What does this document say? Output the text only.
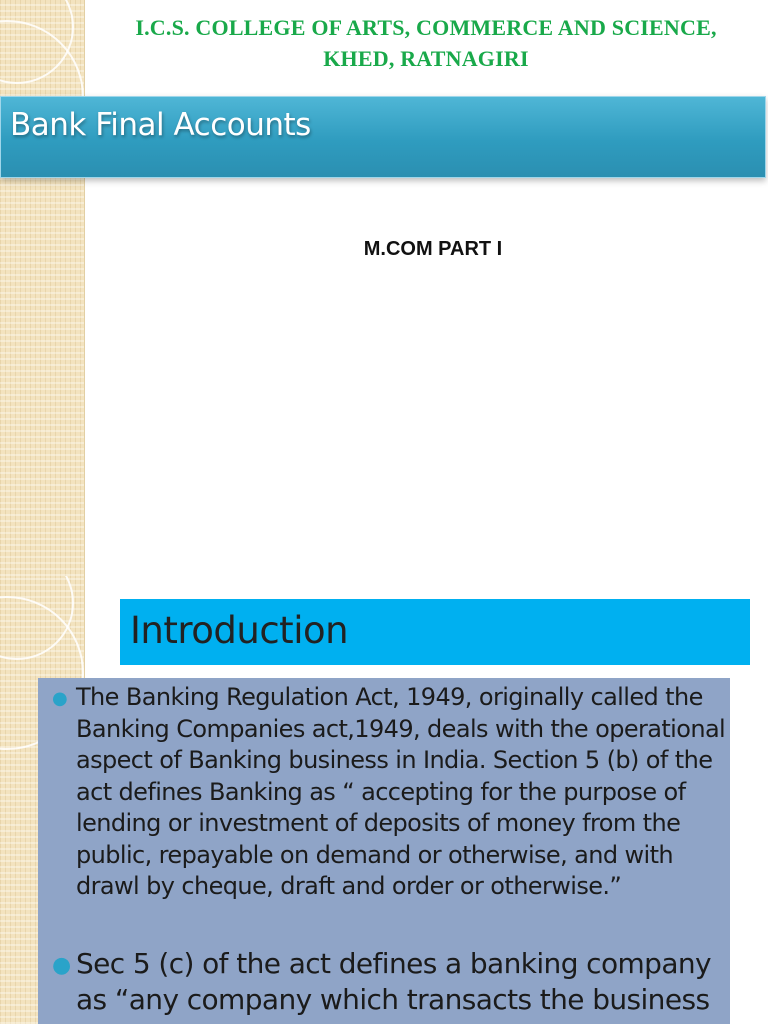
I.C.S. COLLEGE OF ARTS, COMMERCE AND SCIENCE,
KHED, RATNAGIRI
Bank Final Accounts
M.COM PART I
Introduction
● The Banking Regulation Act, 1949, originally called the Banking Companies act,1949, deals with the operational aspect of Banking business in India. Section 5 (b) of the act defines Banking as “ accepting for the purpose of lending or investment of deposits of money from the public, repayable on demand or otherwise, and with drawl by cheque, draft and order or otherwise.”
● Sec 5 (c) of the act defines a banking company as “any company which transacts the business
